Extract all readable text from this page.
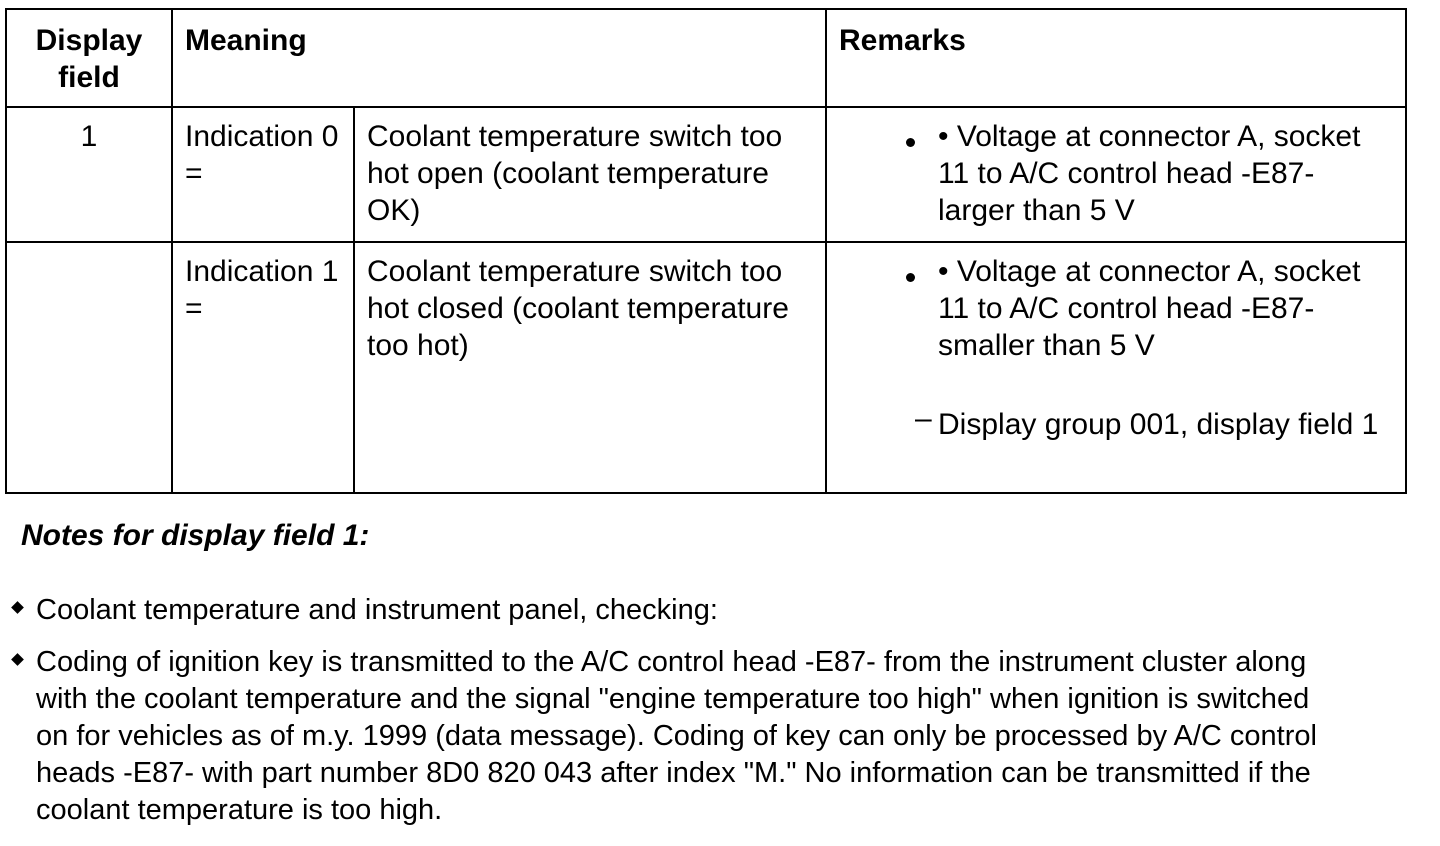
Display field	Meaning		Remarks

1	Indication 0 =	Coolant temperature switch too hot open (coolant temperature OK)	• Voltage at connector A, socket 11 to A/C control head -E87- larger than 5 V

	Indication 1 =	Coolant temperature switch too hot closed (coolant temperature too hot)	• Voltage at connector A, socket 11 to A/C control head -E87- smaller than 5 V
– Display group 001, display field 1
Notes for display field 1:
Coolant temperature and instrument panel, checking:
Coding of ignition key is transmitted to the A/C control head -E87- from the instrument cluster along with the coolant temperature and the signal "engine temperature too high" when ignition is switched on for vehicles as of m.y. 1999 (data message). Coding of key can only be processed by A/C control heads -E87- with part number 8D0 820 043 after index "M." No information can be transmitted if the coolant temperature is too high.
